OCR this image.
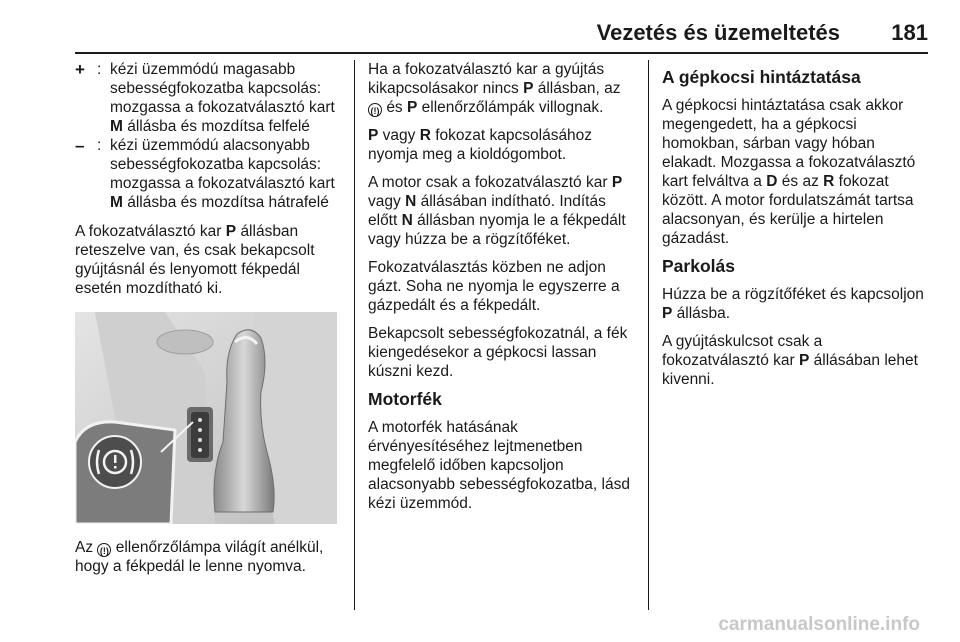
Vezetés és üzemeltetés 181
+ : kézi üzemmódú magasabb sebességfokozatba kapcsolás: mozgassa a fokozatválasztó kart M állásba és mozdítsa felfelé
– : kézi üzemmódú alacsonyabb sebességfokozatba kapcsolás: mozgassa a fokozatválasztó kart M állásba és mozdítsa hátrafelé

A fokozatválasztó kar P állásban reteszelve van, és csak bekapcsolt gyújtásnál és lenyomott fékpedál esetén mozdítható ki.

Az (!) ellenőrzőlámpa világít anélkül, hogy a fékpedál le lenne nyomva.

Ha a fokozatválasztó kar a gyújtás kikapcsolásakor nincs P állásban, az
(!) és P ellenőrzőlámpák villognak.

P vagy R fokozat kapcsolásához nyomja meg a kioldógombot.

A motor csak a fokozatválasztó kar P vagy N állásában indítható. Indítás előtt N állásban nyomja le a fékpedált vagy húzza be a rögzítőféket.

Fokozatválasztás közben ne adjon gázt. Soha ne nyomja le egyszerre a gázpedált és a fékpedált.

Bekapcsolt sebességfokozatnál, a fék kiengedésekor a gépkocsi lassan kúszni kezd.

Motorfék

A motorfék hatásának érvényesítéséhez lejtmenetben megfelelő időben kapcsoljon alacsonyabb sebességfokozatba, lásd kézi üzemmód.

A gépkocsi hintáztatása

A gépkocsi hintáztatása csak akkor megengedett, ha a gépkocsi homokban, sárban vagy hóban elakadt. Mozgassa a fokozatválasztó kart felváltva a D és az R fokozat között. A motor fordulatszámát tartsa alacsonyan, és kerülje a hirtelen gázadást.

Parkolás

Húzza be a rögzítőféket és kapcsoljon P állásba.

A gyújtáskulcsot csak a fokozatválasztó kar P állásában lehet kivenni.

carmanualsonline.info
